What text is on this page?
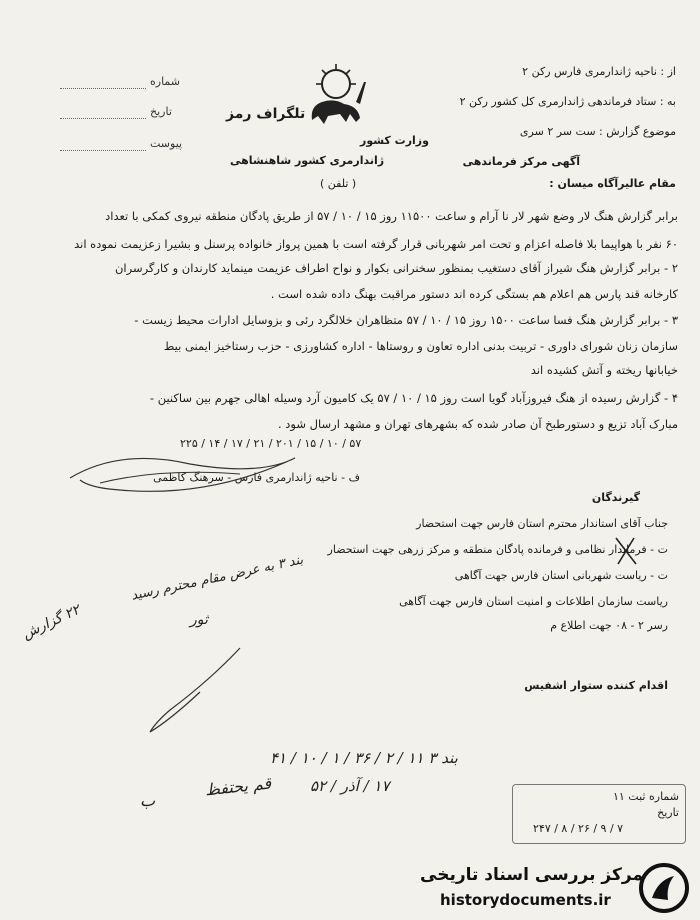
شماره
تاریخ
پیوست
تلگراف رمز
وزارت کشور
ژاندارمری کشور شاهنشاهی
( تلفن )
از : ناحیه ژاندارمری فارس رکن ۲
به : ستاد فرماندهی ژاندارمری کل کشور رکن ۲
موضوع گزارش : ست سر ۲ سری
آگهی مرکز فرماندهی
مقام عالیرآگاه میسان :
برابر گزارش هنگ لار وضع شهر لار نا آرام و ساعت ۱۱۵۰۰ روز ۱۵ / ۱۰ / ۵۷ از طریق پادگان منطقه نیروی کمکی با تعداد
۶۰ نفر با هواپیما بلا فاصله اعزام و تحت امر شهربانی قرار گرفته است با همین پرواز خانواده پرسنل و بشیرا زعزیمت نموده اند
۲ - برابر گزارش هنگ شیراز آقای دستغیب بمنظور سخنرانی بکوار و نواح اطراف عزیمت مینماید کارندان و کارگرسران
کارخانه قند پارس هم اعلام هم بستگی کرده اند دستور مراقبت بهنگ داده شده است .
۳ - برابر گزارش هنگ فسا ساعت ۱۵۰۰ روز ۱۵ / ۱۰ / ۵۷ متظاهران خلالگرد رئی و بزوسایل ادارات محیط زیست -
سازمان زنان شورای داوری - تربیت بدنی اداره تعاون و روستاها - اداره کشاورزی - حزب رستاخیز ایمنی بیط
خیابانها ریخته و آتش کشیده اند
۴ - گزارش رسیده از هنگ فیروزآباد گویا است روز ۱۵ / ۱۰ / ۵۷ یک کامیون آرد وسیله اهالی جهرم بین ساکنین -
مبارک آباد تزیع و دستورطبخ آن صادر شده که بشهرهای تهران و مشهد ارسال شود .
۲۲۵ / ۱۴ / ۱۷ / ۲۱ / ۲۰۱ / ۱۵ / ۱۰ / ۵۷
ف - ناحیه ژاندارمری فارس - سرهنگ کاظمی
گیرندگان
جناب آقای استاندار محترم استان فارس جهت استحضار
ت - فرماندار نظامی و فرمانده پادگان منطقه و مرکز زرهی جهت استحضار
ت - ریاست شهربانی استان فارس جهت آگاهی
ریاست سازمان اطلاعات و امنیت استان فارس جهت آگاهی
رسر ۲ - ۰۸ جهت اطلاع م
اقدام کننده ستوار اشفیس
بند ۳ به عرض مقام محترم رسید
ثور
۲۲ گزارش
بند ۳ ۱۱ / ۲ / ۳۶ / ۱ / ۱۰ / ۴۱
۱۷ / آذر / ۵۲
قم یحتفظ
ب	شماره ثبت ۱۱
تاریخ
۲۴۷ / ۸ / ۲۶ / ۹ / ۷
مرکز بررسی اسناد تاریخی
historydocuments.ir
